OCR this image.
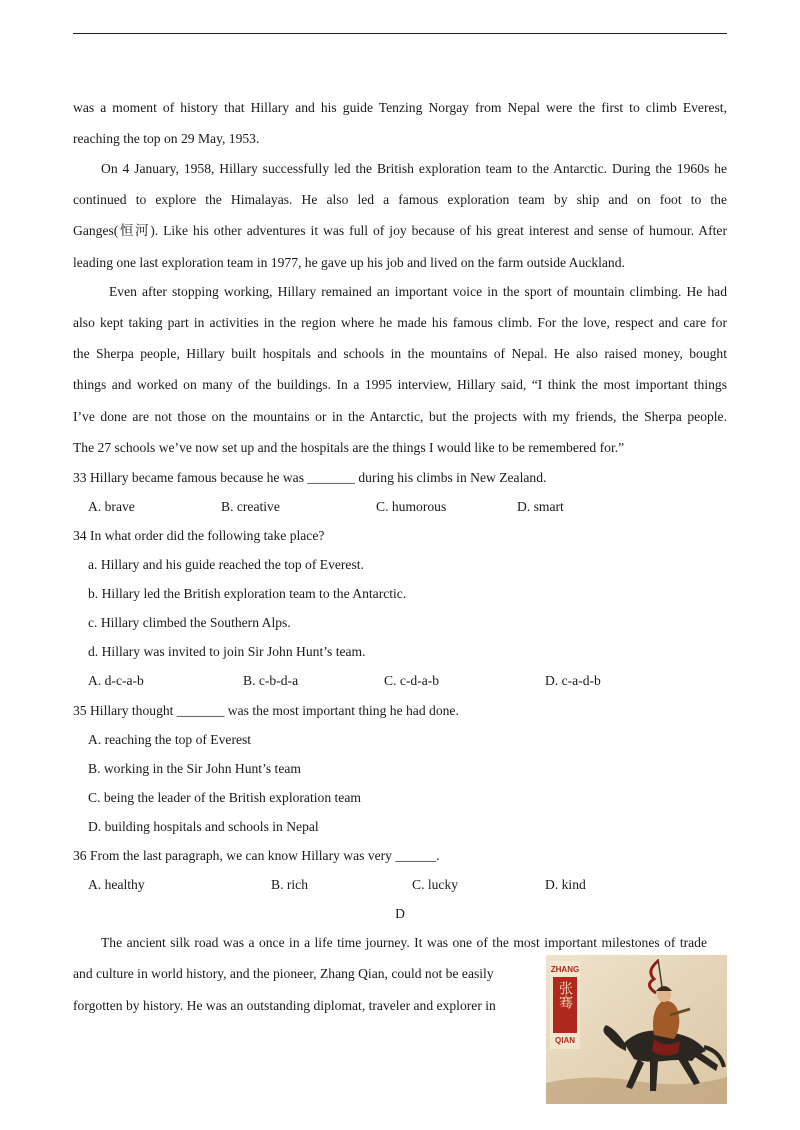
was a moment of history that Hillary and his guide Tenzing Norgay from Nepal were the first to climb Everest,
reaching the top on 29 May, 1953.
On 4 January, 1958, Hillary successfully led the British exploration team to the Antarctic. During the 1960s he
continued to explore the Himalayas. He also led a famous exploration team by ship and on foot to the
Ganges(恒河). Like his other adventures it was full of joy because of his great interest and sense of humour. After
leading one last exploration team in 1977, he gave up his job and lived on the farm outside Auckland.
Even after stopping working, Hillary remained an important voice in the sport of mountain climbing. He had
also kept taking part in activities in the region where he made his famous climb. For the love, respect and care for
the Sherpa people, Hillary built hospitals and schools in the mountains of Nepal. He also raised money, bought
things and worked on many of the buildings. In a 1995 interview, Hillary said, “I think the most important things
I’ve done are not those on the mountains or in the Antarctic, but the projects with my friends, the Sherpa people.
The 27 schools we’ve now set up and the hospitals are the things I would like to be remembered for.”
33 Hillary became famous because he was _______ during his climbs in New Zealand.
A. brave	B. creative	C. humorous	D. smart
34 In what order did the following take place?
a. Hillary and his guide reached the top of Everest.
b. Hillary led the British exploration team to the Antarctic.
c. Hillary climbed the Southern Alps.
d. Hillary was invited to join Sir John Hunt’s team.
A. d-c-a-b	B. c-b-d-a	C. c-d-a-b	D. c-a-d-b
35 Hillary thought _______ was the most important thing he had done.
A. reaching the top of Everest
B. working in the Sir John Hunt’s team
C. being the leader of the British exploration team
D. building hospitals and schools in Nepal
36 From the last paragraph, we can know Hillary was very ______.
A. healthy	B. rich	C. lucky	D. kind
D
The ancient silk road was a once in a life time journey. It was one of the most important milestones of trade
and culture in world history, and the pioneer, Zhang Qian, could not be easily
forgotten by history. He was an outstanding diplomat, traveler and explorer in
ZHANG
张骞
QIAN
